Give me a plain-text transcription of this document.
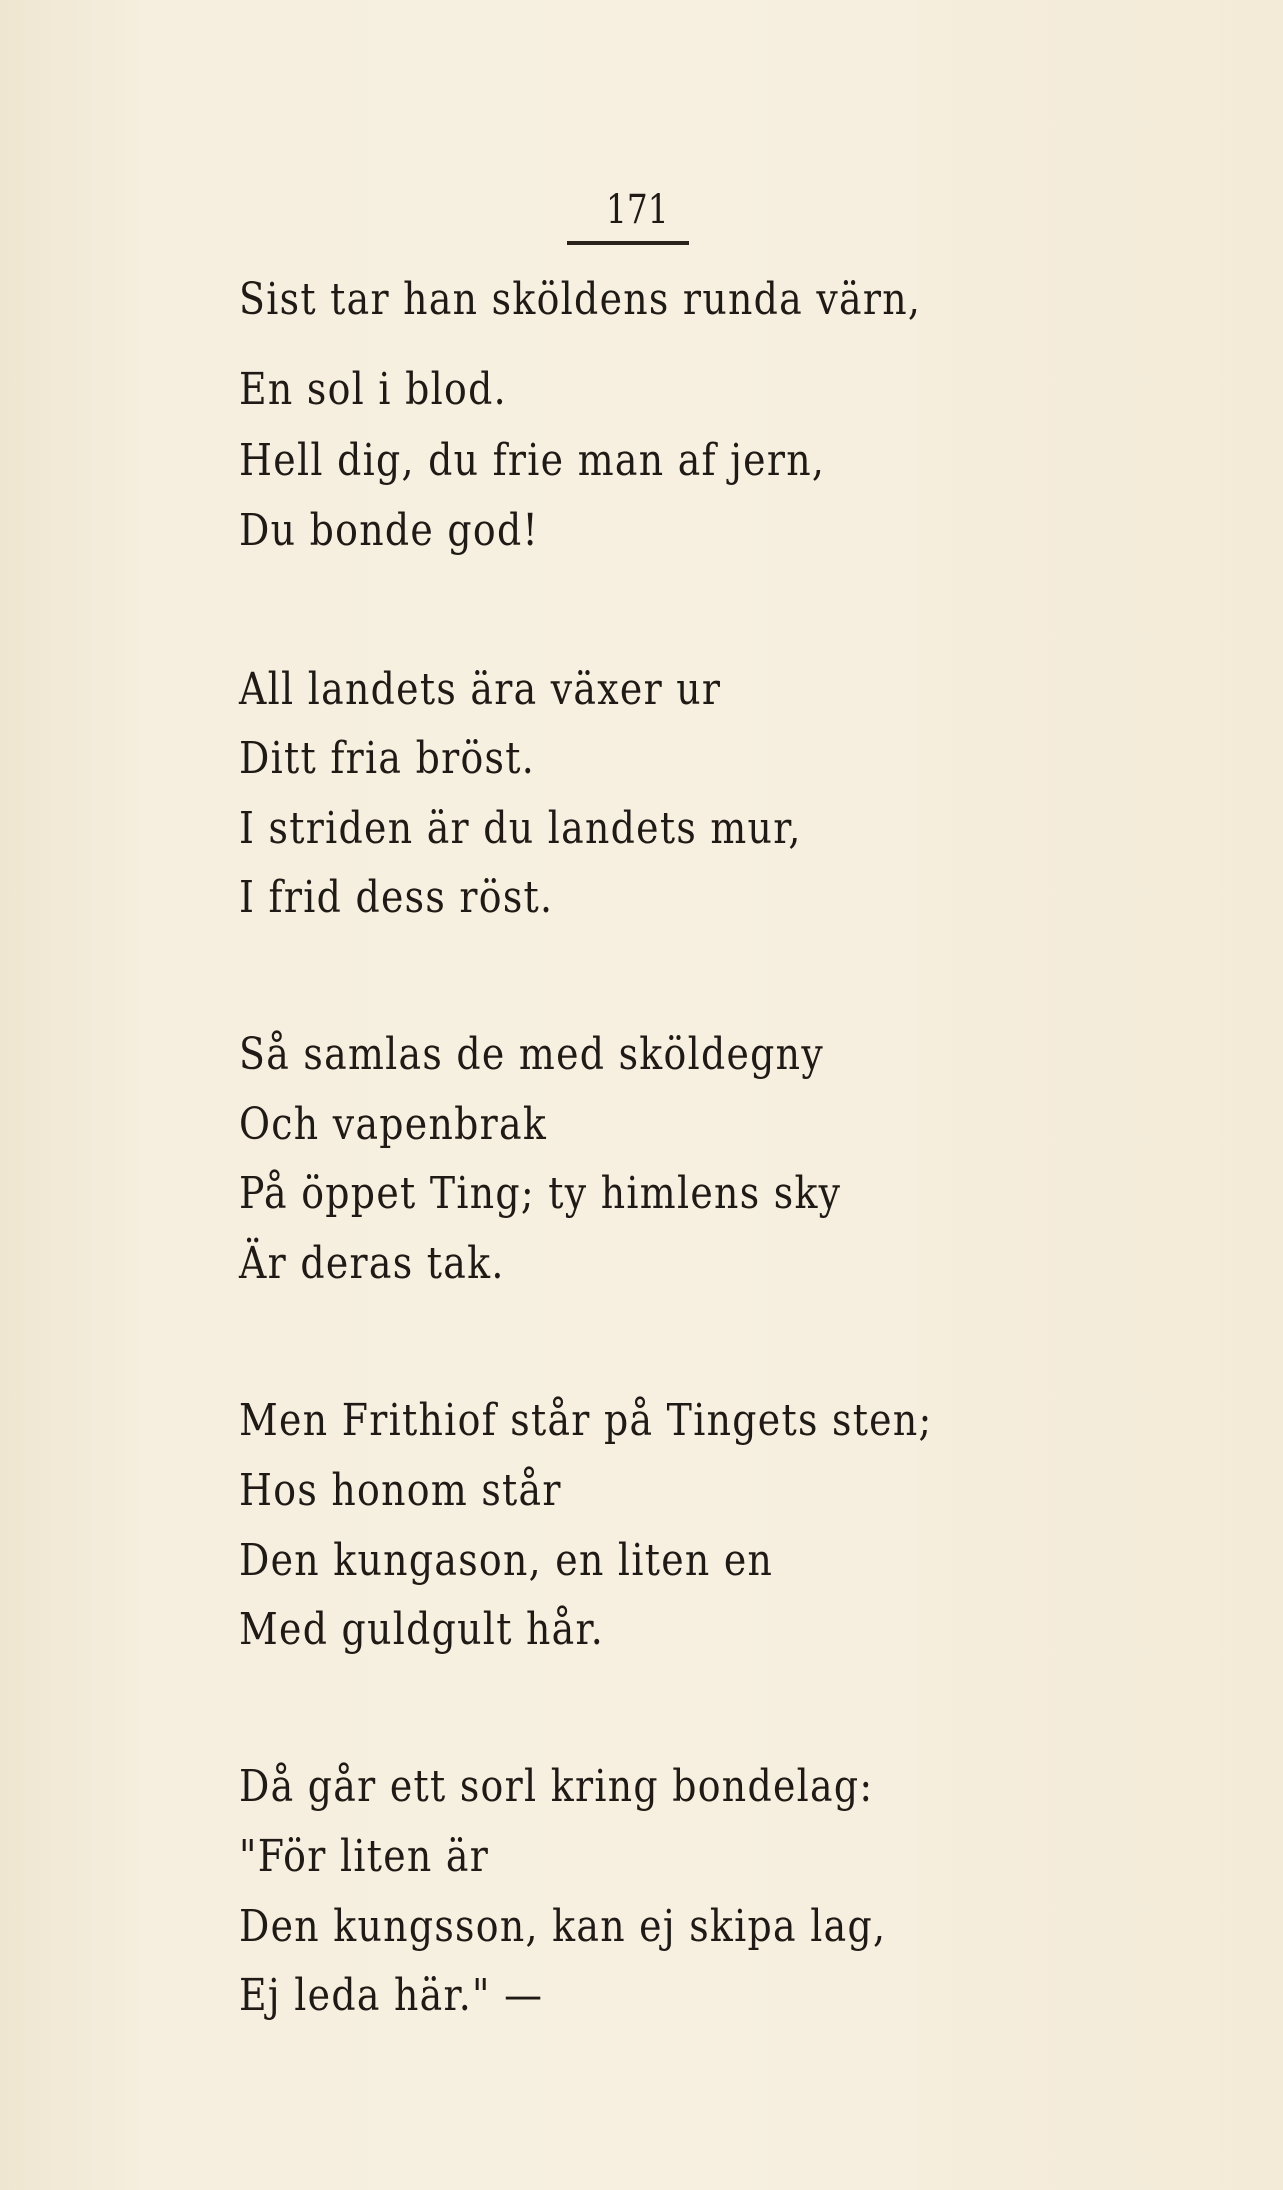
171
Sist tar han sköldens runda värn,
En sol i blod.
Hell dig, du frie man af jern,
Du bonde god!
All landets ära växer ur
Ditt fria bröst.
I striden är du landets mur,
I frid dess röst.
Så samlas de med sköldegny
Och vapenbrak
På öppet Ting; ty himlens sky
Är deras tak.
Men Frithiof står på Tingets sten;
Hos honom står
Den kungason, en liten en
Med guldgult hår.
Då går ett sorl kring bondelag:
"För liten är
Den kungsson, kan ej skipa lag,
Ej leda här." —
